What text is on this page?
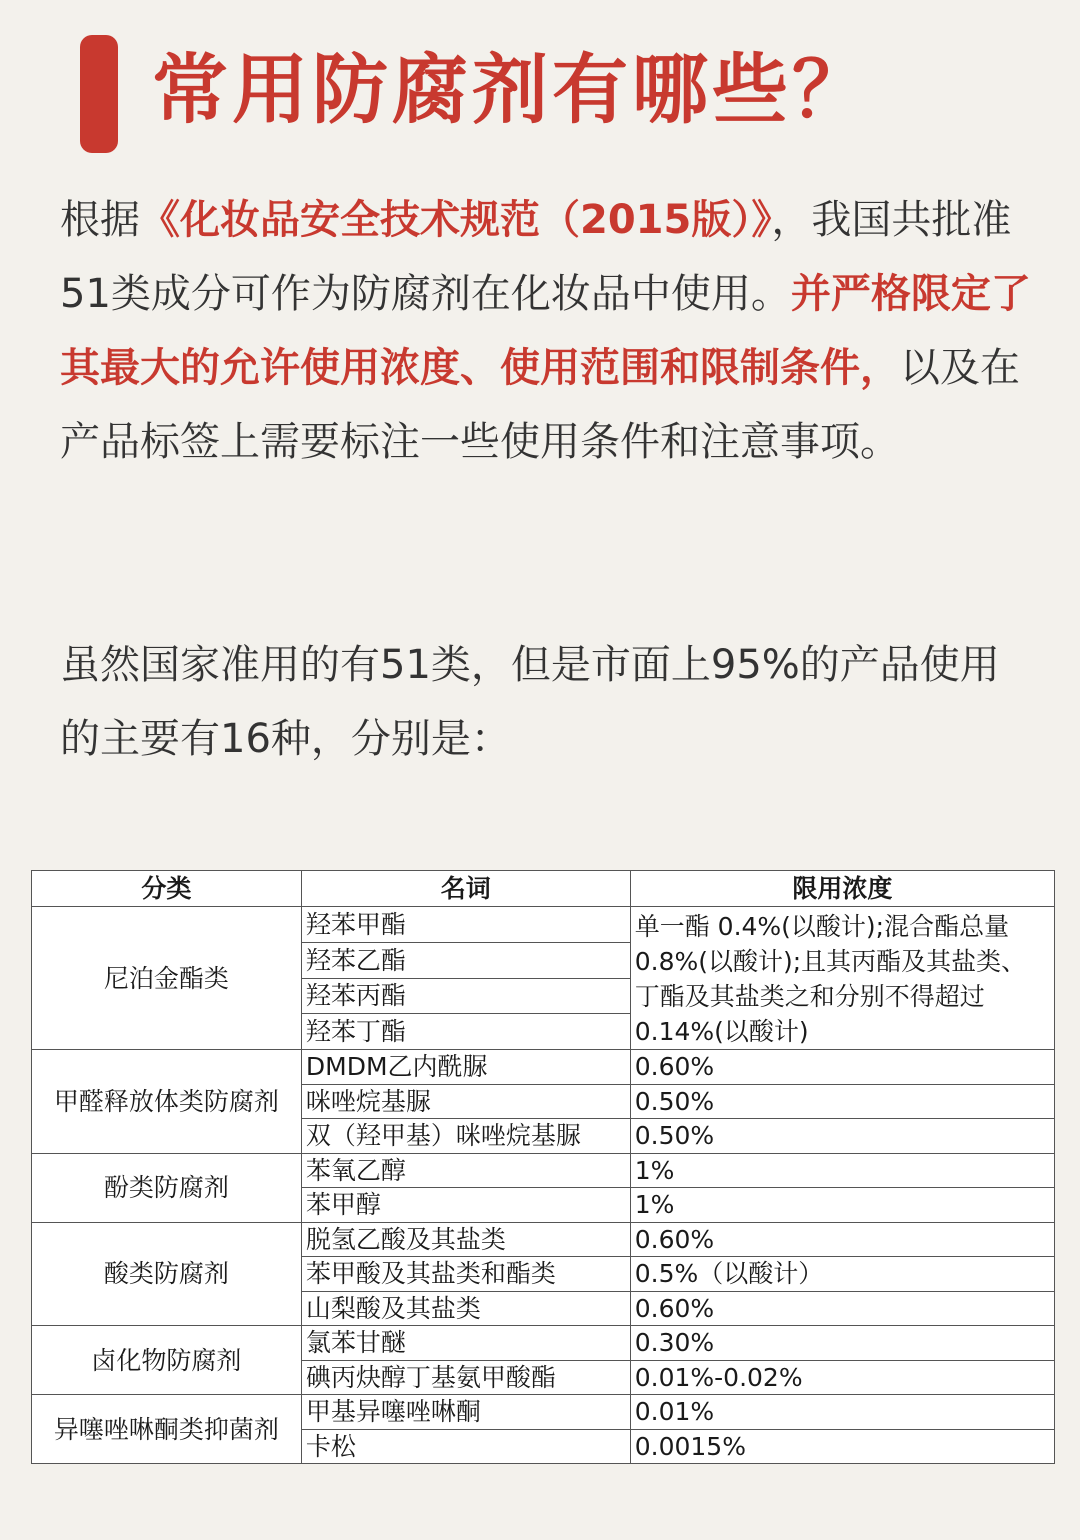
常用防腐剂有哪些？
根据《化妆品安全技术规范（2015版）》，我国共批准51类成分可作为防腐剂在化妆品中使用。并严格限定了其最大的允许使用浓度、使用范围和限制条件，以及在产品标签上需要标注一些使用条件和注意事项。
虽然国家准用的有51类，但是市面上95%的产品使用的主要有16种，分别是：
分类	名词	限用浓度
尼泊金酯类	羟苯甲酯	单一酯 0.4%(以酸计);混合酯总量0.8%(以酸计);且其丙酯及其盐类、丁酯及其盐类之和分别不得超过0.14%(以酸计)
	羟苯乙酯	
	羟苯丙酯	
	羟苯丁酯	
甲醛释放体类防腐剂	DMDM乙内酰脲	0.60%
	咪唑烷基脲	0.50%
	双（羟甲基）咪唑烷基脲	0.50%
酚类防腐剂	苯氧乙醇	1%
	苯甲醇	1%
酸类防腐剂	脱氢乙酸及其盐类	0.60%
	苯甲酸及其盐类和酯类	0.5%（以酸计）
	山梨酸及其盐类	0.60%
卤化物防腐剂	氯苯甘醚	0.30%
	碘丙炔醇丁基氨甲酸酯	0.01%-0.02%
异噻唑啉酮类抑菌剂	甲基异噻唑啉酮	0.01%
	卡松	0.0015%
